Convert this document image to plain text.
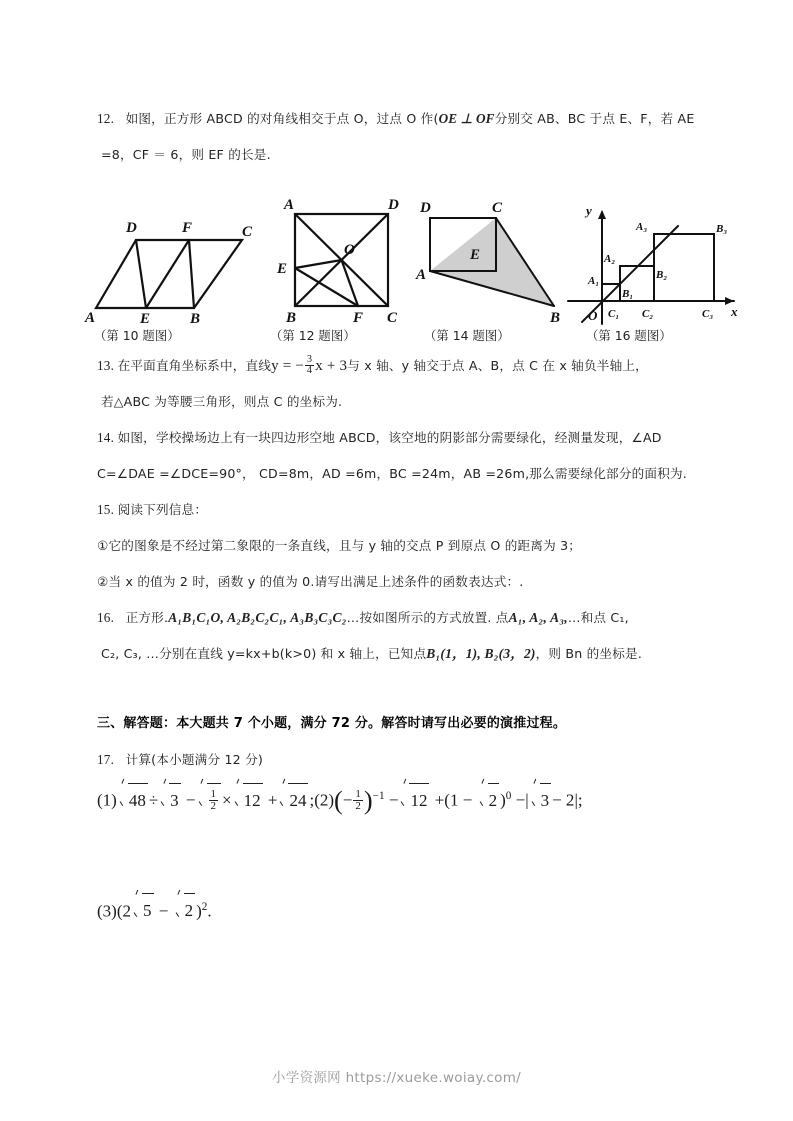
12. 如图，正方形 ABCD 的对角线相交于点 O，过点 O 作(OE ⊥ OF分别交 AB、BC 于点 E、F，若 AE

=8，CF ＝ 6，则 EF 的长是.

13. 在平面直角坐标系中，直线y = − $\frac{3}{4}$ x + 3与 x 轴、y 轴交于点 A、B，点 C 在 x 轴负半轴上，

若△ABC 为等腰三角形，则点 C 的坐标为.

14. 如图，学校操场边上有一块四边形空地 ABCD，该空地的阴影部分需要绿化，经测量发现，∠AD

C=∠DAE =∠DCE=90°， CD=8m，AD =6m，BC =24m，AB =26m,那么需要绿化部分的面积为.

15. 阅读下列信息：

①它的图象是不经过第二象限的一条直线，且与 y 轴的交点 P 到原点 O 的距离为 3；

②当 x 的值为 2 时，函数 y 的值为 0.请写出满足上述条件的函数表达式：.

16. 正方形.A₁B₁C₁O, A₂B₂C₂C₁, A₃B₃C₃C₂…按如图所示的方式放置. 点A₁, A₂, A₃,…和点 C₁,

C₂, C₃, …分别在直线 y=kx+b(k>0) 和 x 轴上，已知点B₁(1，1), B₂(3，2)，则 Bn 的坐标是.

三、解答题：本大题共 7 个小题，满分 72 分。解答时请写出必要的演推过程。

17. 计算(本小题满分 12 分)

(1) $48 \div 3 - \frac{1}{2} \times 12 + 24$ ;(2)(− $\frac{1}{2} )^{-1} - 12 +(1 - 2$ )$^0$ −| 3 − 2|;

(3)(2 5 − 2 )$^2$.

A	B
C
D
E
F
A
B	C
D
E
F
O
A
B
C
D
E
y
x
O
A₁
A₂
A₃
B₁
B₂
B₃
C₁ C₂	C₃
（第 10 题图）	（第 12 题图）	（第 14 题图）	（第 16 题图）
小学资源网 https://xueke.woiay.com/
